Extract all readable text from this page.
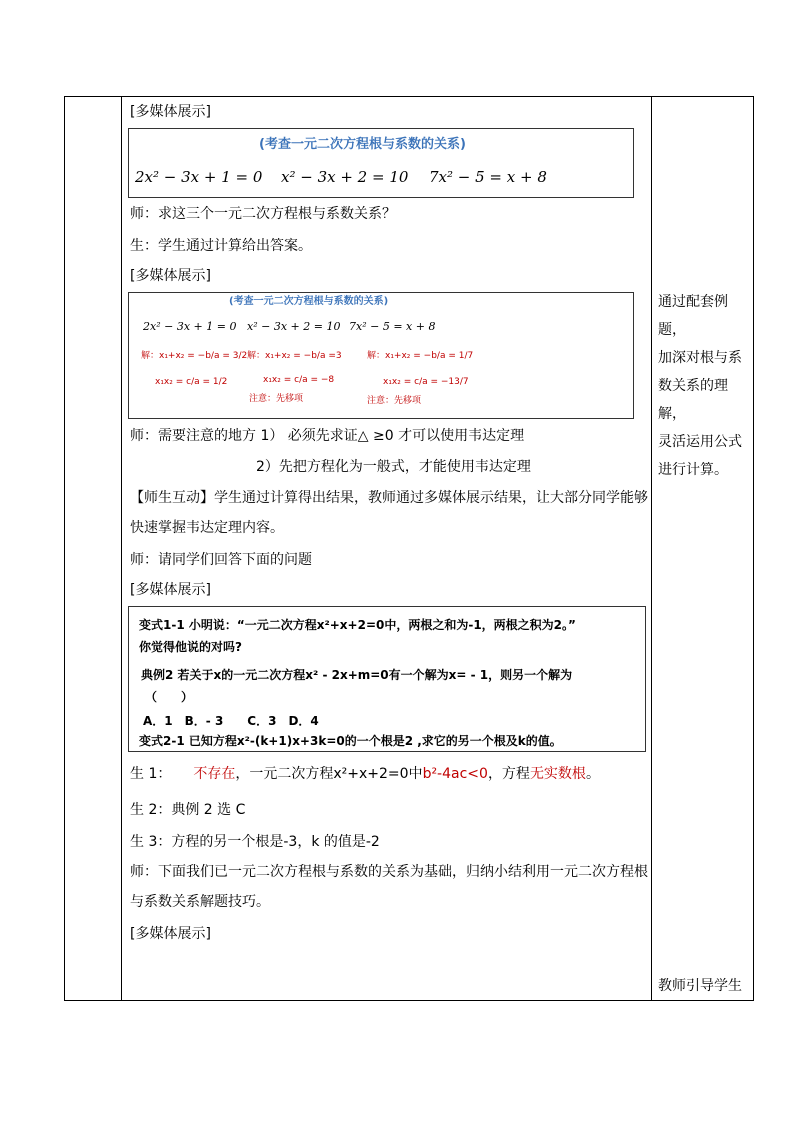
[多媒体展示]
(考查一元二次方程根与系数的关系)
2x² − 3x + 1 = 0 x² − 3x + 2 = 10 7x² − 5 = x + 8
师：求这三个一元二次方程根与系数关系？
生：学生通过计算给出答案。
[多媒体展示]
(考查一元二次方程根与系数的关系)
2x² − 3x + 1 = 0 x² − 3x + 2 = 10 7x² − 5 = x + 8
解：x₁+x₂ = −b/a = 3/2
x₁x₂ = c/a = 1/2
解：x₁+x₂ = −b/a =3
x₁x₂ = c/a = −8
注意：先移项
解：x₁+x₂ = −b/a = 1/7
x₁x₂ = c/a = −13/7
注意：先移项
师：需要注意的地方 1） 必须先求证△ ≥0 才可以使用韦达定理
2）先把方程化为一般式，才能使用韦达定理
【师生互动】学生通过计算得出结果，教师通过多媒体展示结果，让大部分同学能够
快速掌握韦达定理内容。
师：请同学们回答下面的问题
[多媒体展示]
变式1-1 小明说：“一元二次方程x²+x+2=0中，两根之和为-1，两根之积为2。”
你觉得他说的对吗?
典例2 若关于x的一元二次方程x² - 2x+m=0有一个解为x= - 1，则另一个解为
（　　）
A．1　B．- 3　　C．3　D．4
变式2-1 已知方程x²-(k+1)x+3k=0的一个根是2 ,求它的另一个根及k的值。
生 1： 不存在，一元二次方程x²+x+2=0中b²-4ac<0，方程无实数根。
生 2：典例 2 选 C
生 3：方程的另一个根是-3，k 的值是-2
师：下面我们已一元二次方程根与系数的关系为基础，归纳小结利用一元二次方程根
与系数关系解题技巧。
[多媒体展示]
通过配套例题，
加深对根与系
数关系的理解，
灵活运用公式
进行计算。
教师引导学生
